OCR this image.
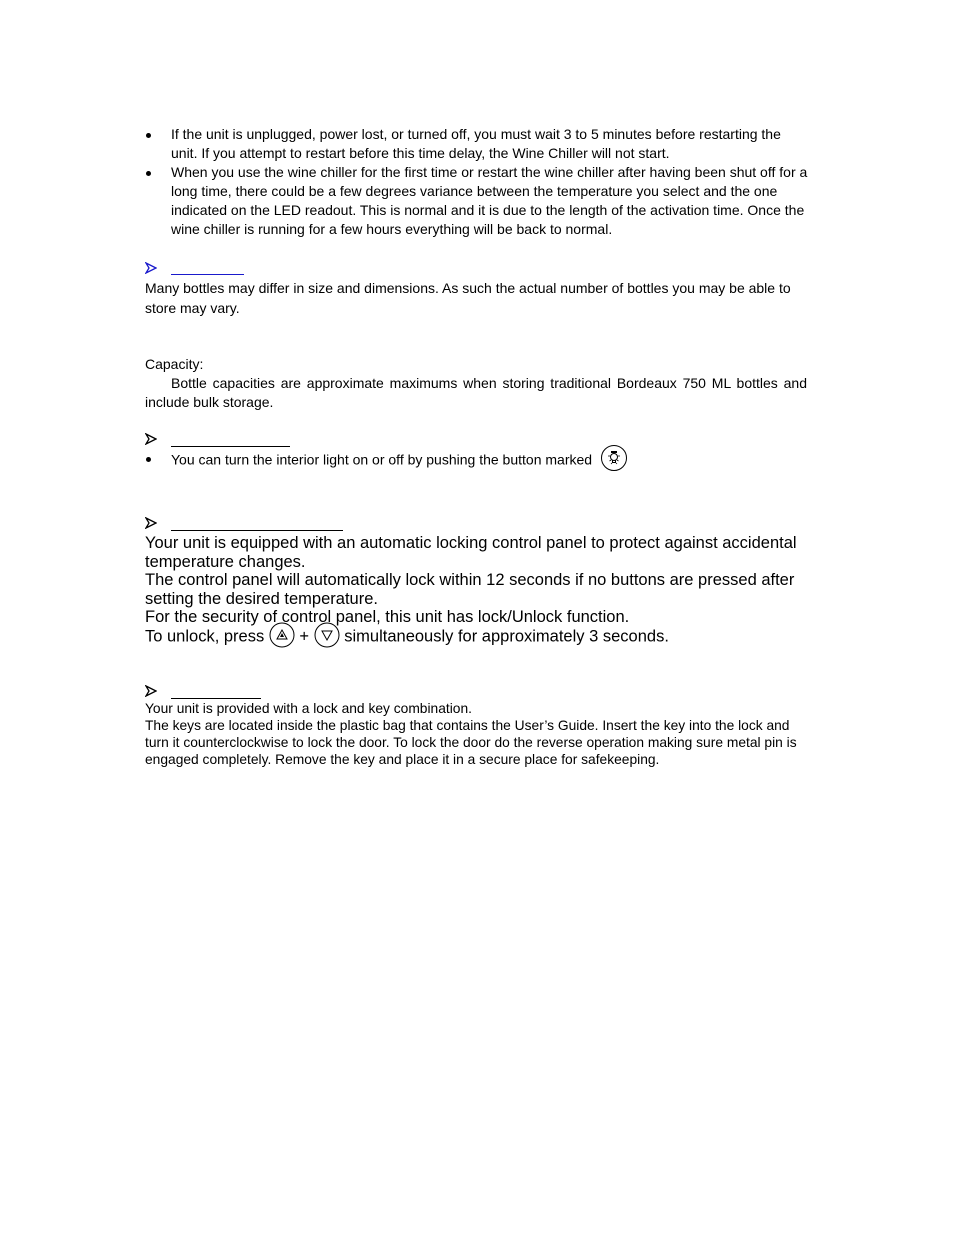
If the unit is unplugged, power lost, or turned off, you must wait 3 to 5 minutes before restarting the unit. If you attempt to restart before this time delay, the Wine Chiller will not start.
When you use the wine chiller for the first time or restart the wine chiller after having been shut off for a long time, there could be a few degrees variance between the temperature you select and the one indicated on the LED readout. This is normal and it is due to the length of the activation time. Once the wine chiller is running for a few hours everything will be back to normal.
Many bottles may differ in size and dimensions. As such the actual number of bottles you may be able to store may vary.
Capacity:
Bottle capacities are approximate maximums when storing traditional Bordeaux 750 ML bottles and include bulk storage.
You can turn the interior light on or off by pushing the button marked
Your unit is equipped with an automatic locking control panel to protect against accidental temperature changes.
The control panel will automatically lock within 12 seconds if no buttons are pressed after setting the desired temperature.
For the security of control panel, this unit has lock/Unlock function.
To unlock, press + simultaneously for approximately 3 seconds.
Your unit is provided with a lock and key combination.
The keys are located inside the plastic bag that contains the User’s Guide. Insert the key into the lock and turn it counterclockwise to lock the door. To lock the door do the reverse operation making sure metal pin is engaged completely. Remove the key and place it in a secure place for safekeeping.
